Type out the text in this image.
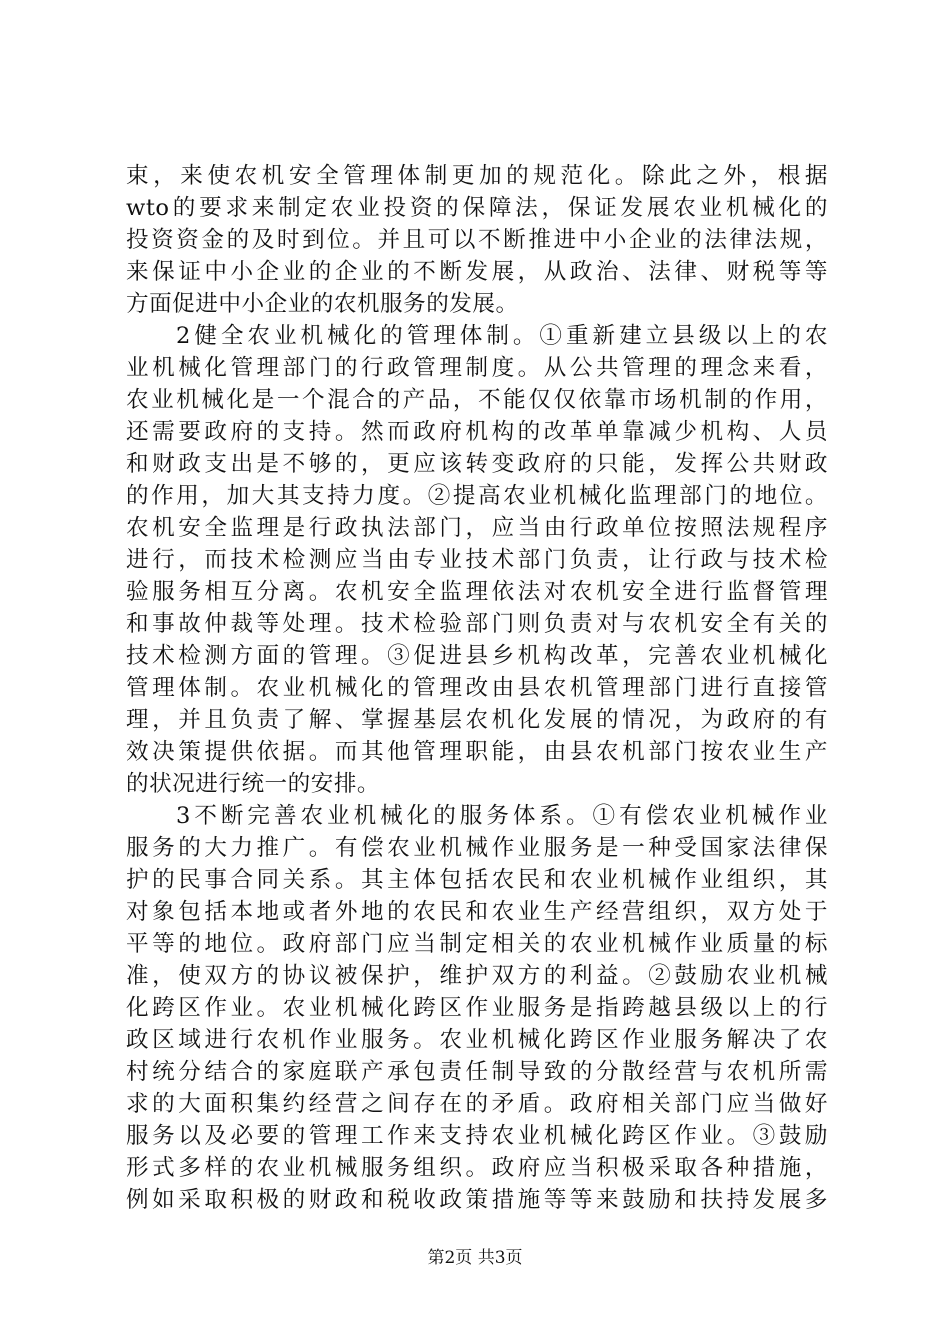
束，来使农机安全管理体制更加的规范化。除此之外，根据
wto的要求来制定农业投资的保障法，保证发展农业机械化的
投资资金的及时到位。并且可以不断推进中小企业的法律法规，
来保证中小企业的企业的不断发展，从政治、法律、财税等等
方面促进中小企业的农机服务的发展。
2健全农业机械化的管理体制。①重新建立县级以上的农
业机械化管理部门的行政管理制度。从公共管理的理念来看，
农业机械化是一个混合的产品，不能仅仅依靠市场机制的作用，
还需要政府的支持。然而政府机构的改革单靠减少机构、人员
和财政支出是不够的，更应该转变政府的只能，发挥公共财政
的作用，加大其支持力度。②提高农业机械化监理部门的地位。
农机安全监理是行政执法部门，应当由行政单位按照法规程序
进行，而技术检测应当由专业技术部门负责，让行政与技术检
验服务相互分离。农机安全监理依法对农机安全进行监督管理
和事故仲裁等处理。技术检验部门则负责对与农机安全有关的
技术检测方面的管理。③促进县乡机构改革，完善农业机械化
管理体制。农业机械化的管理改由县农机管理部门进行直接管
理，并且负责了解、掌握基层农机化发展的情况，为政府的有
效决策提供依据。而其他管理职能，由县农机部门按农业生产
的状况进行统一的安排。
3不断完善农业机械化的服务体系。①有偿农业机械作业
服务的大力推广。有偿农业机械作业服务是一种受国家法律保
护的民事合同关系。其主体包括农民和农业机械作业组织，其
对象包括本地或者外地的农民和农业生产经营组织，双方处于
平等的地位。政府部门应当制定相关的农业机械作业质量的标
准，使双方的协议被保护，维护双方的利益。②鼓励农业机械
化跨区作业。农业机械化跨区作业服务是指跨越县级以上的行
政区域进行农机作业服务。农业机械化跨区作业服务解决了农
村统分结合的家庭联产承包责任制导致的分散经营与农机所需
求的大面积集约经营之间存在的矛盾。政府相关部门应当做好
服务以及必要的管理工作来支持农业机械化跨区作业。③鼓励
形式多样的农业机械服务组织。政府应当积极采取各种措施，
例如采取积极的财政和税收政策措施等等来鼓励和扶持发展多
第2页 共3页
